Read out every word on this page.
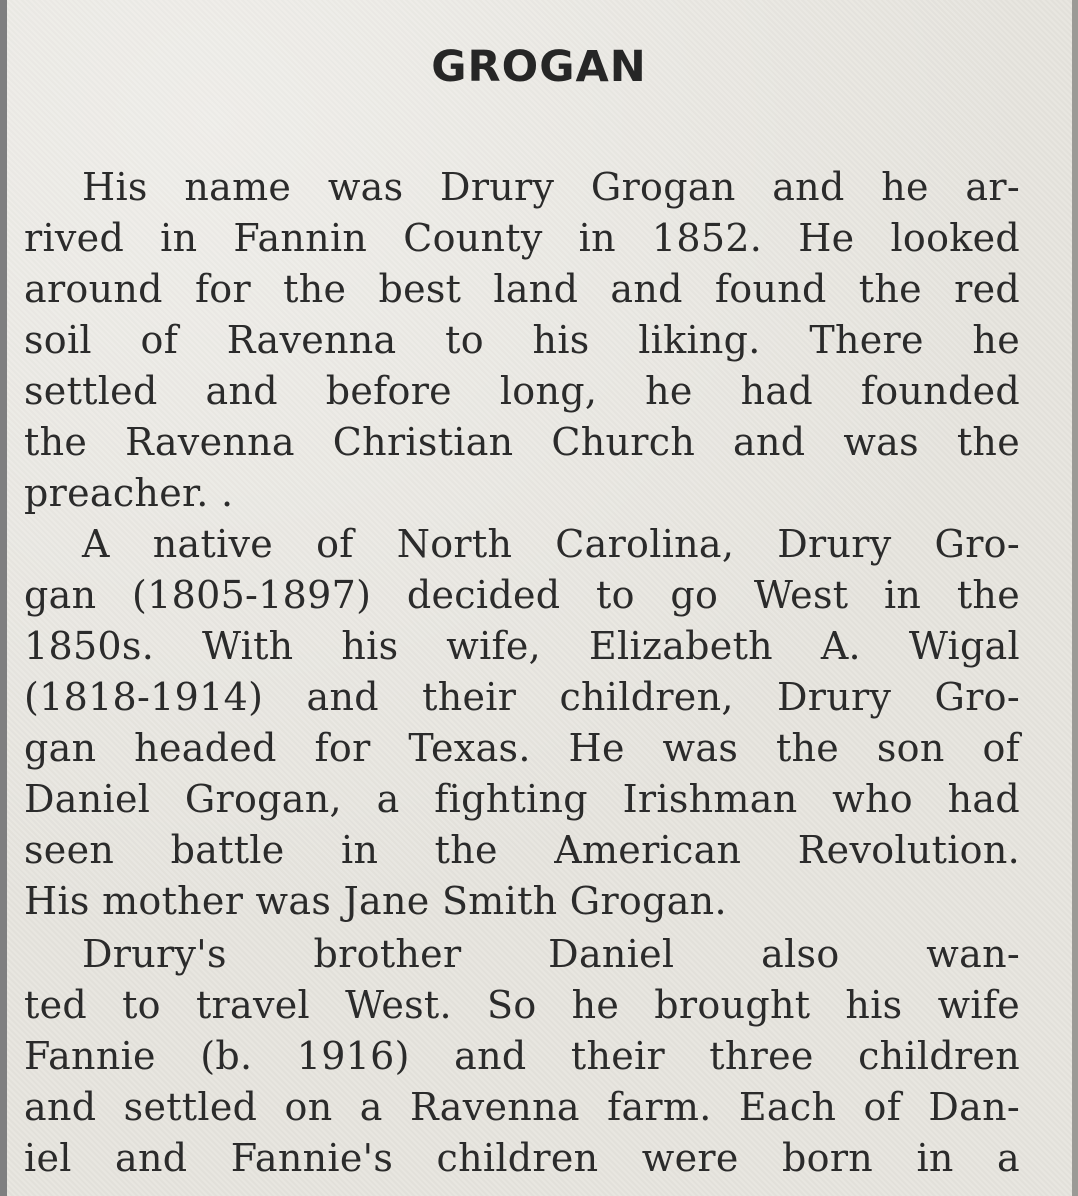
GROGAN
His name was Drury Grogan and he ar-
rived in Fannin County in 1852. He looked
around for the best land and found the red
soil of Ravenna to his liking. There he
settled and before long, he had founded
the Ravenna Christian Church and was the
preacher. .
A native of North Carolina, Drury Gro-
gan (1805-1897) decided to go West in the
1850s. With his wife, Elizabeth A. Wigal
(1818-1914) and their children, Drury Gro-
gan headed for Texas. He was the son of
Daniel Grogan, a fighting Irishman who had
seen battle in the American Revolution.
His mother was Jane Smith Grogan.
Drury's brother Daniel also wan-
ted to travel West. So he brought his wife
Fannie (b. 1916) and their three children
and settled on a Ravenna farm. Each of Dan-
iel and Fannie's children were born in a
